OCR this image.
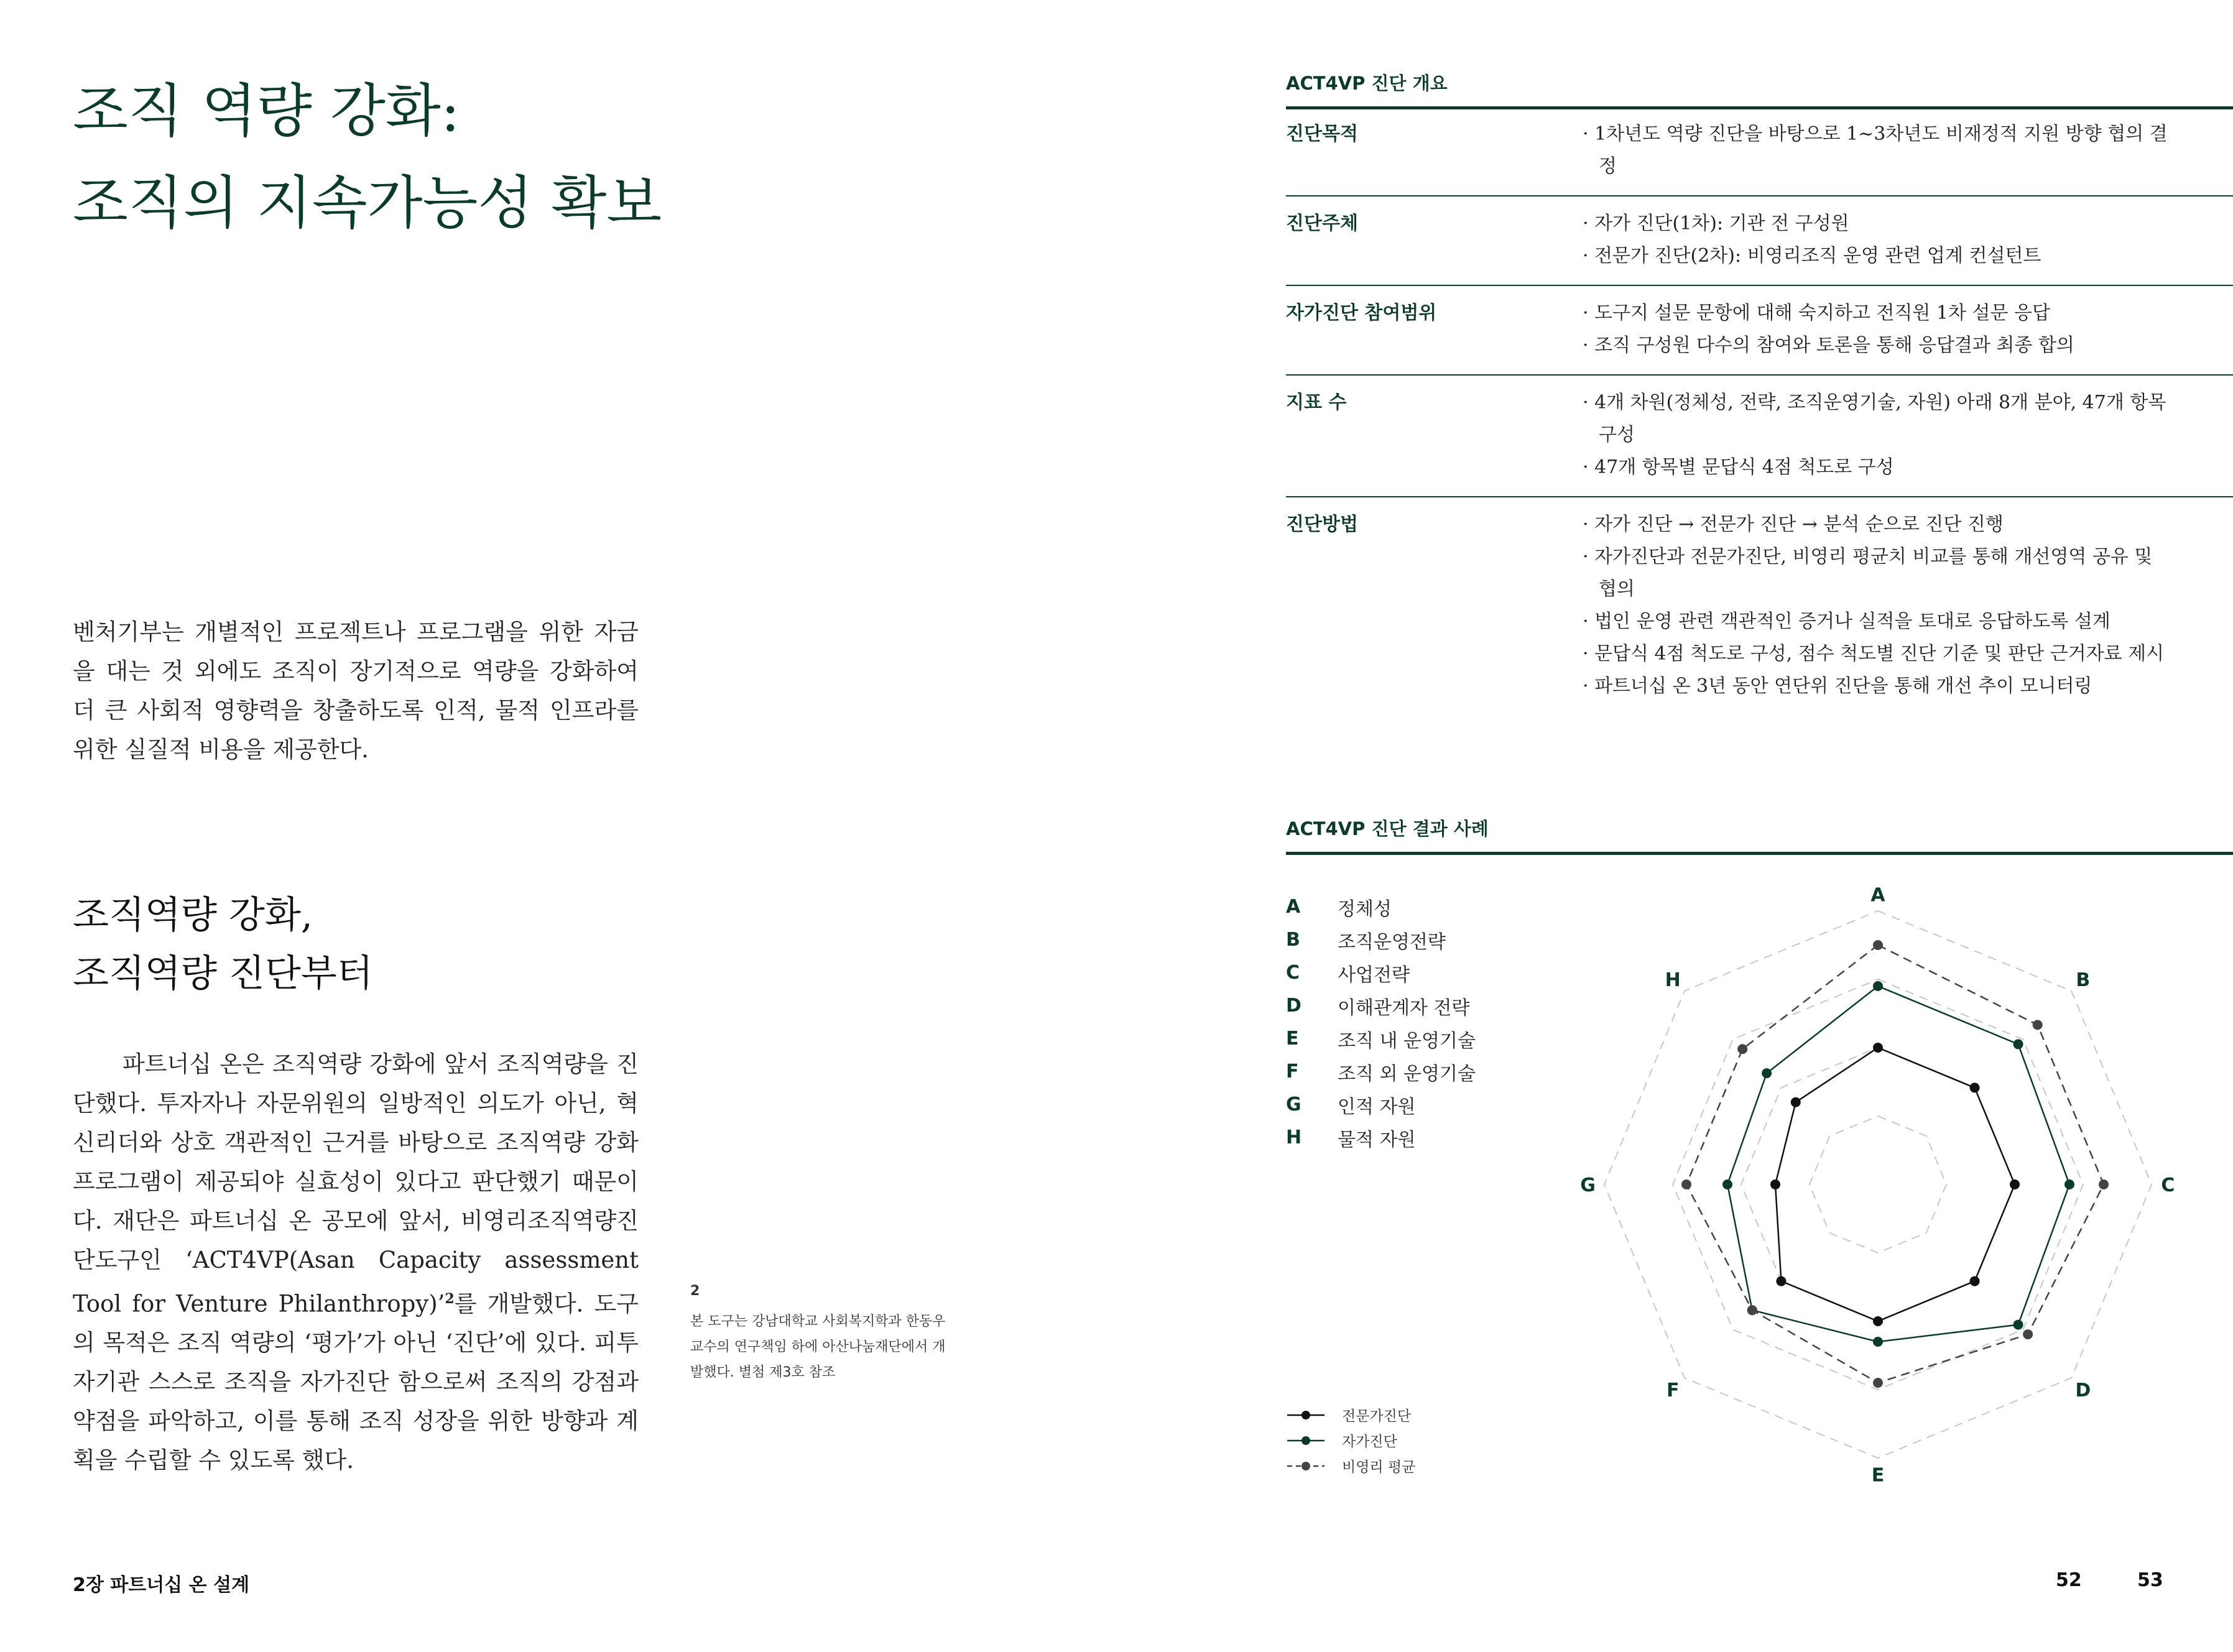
조직 역량 강화:
조직의 지속가능성 확보

벤처기부는 개별적인 프로젝트나 프로그램을 위한 자금을 대는 것 외에도 조직이 장기적으로 역량을 강화하여 더 큰 사회적 영향력을 창출하도록 인적, 물적 인프라를 위한 실질적 비용을 제공한다.

조직역량 강화,
조직역량 진단부터

파트너십 온은 조직역량 강화에 앞서 조직역량을 진단했다. 투자자나 자문위원의 일방적인 의도가 아닌, 혁신리더와 상호 객관적인 근거를 바탕으로 조직역량 강화 프로그램이 제공되야 실효성이 있다고 판단했기 때문이다. 재단은 파트너십 온 공모에 앞서, 비영리조직역량진단도구인 ‘ACT4VP(Asan Capacity assessment Tool for Venture Philanthropy)’$^2$를 개발했다. 도구의 목적은 조직 역량의 ‘평가’가 아닌 ‘진단’에 있다. 피투자기관 스스로 조직을 자가진단 함으로써 조직의 강점과 약점을 파악하고, 이를 통해 조직 성장을 위한 방향과 계획을 수립할 수 있도록 했다.

2
본 도구는 강남대학교 사회복지학과 한동우 교수의 연구책임 하에 아산나눔재단에서 개발했다. 별첨 제3호 참조
2장 파트너십 온 설계	52	53
ACT4VP 진단 개요
진단목적	· 1차년도 역량 진단을 바탕으로 1~3차년도 비재정적 지원 방향 협의 결정
진단주체	· 자가 진단(1차): 기관 전 구성원
· 전문가 진단(2차): 비영리조직 운영 관련 업계 컨설턴트
자가진단 참여범위	· 도구지 설문 문항에 대해 숙지하고 전직원 1차 설문 응답
· 조직 구성원 다수의 참여와 토론을 통해 응답결과 최종 합의
지표 수	· 4개 차원(정체성, 전략, 조직운영기술, 자원) 아래 8개 분야, 47개 항목 구성
· 47개 항목별 문답식 4점 척도로 구성
진단방법	· 자가 진단 → 전문가 진단 → 분석 순으로 진단 진행
· 자가진단과 전문가진단, 비영리 평균치 비교를 통해 개선영역 공유 및 협의
· 법인 운영 관련 객관적인 증거나 실적을 토대로 응답하도록 설계
· 문답식 4점 척도로 구성, 점수 척도별 진단 기준 및 판단 근거자료 제시
· 파트너십 온 3년 동안 연단위 진단을 통해 개선 추이 모니터링
ACT4VP 진단 결과 사례
A	정체성
B	조직운영전략
C	사업전략
D	이해관계자 전략
E	조직 내 운영기술
F	조직 외 운영기술
G	인적 자원
H	물적 자원
A
B
C
D
E
F
G
H
전문가진단
자가진단
비영리 평균
